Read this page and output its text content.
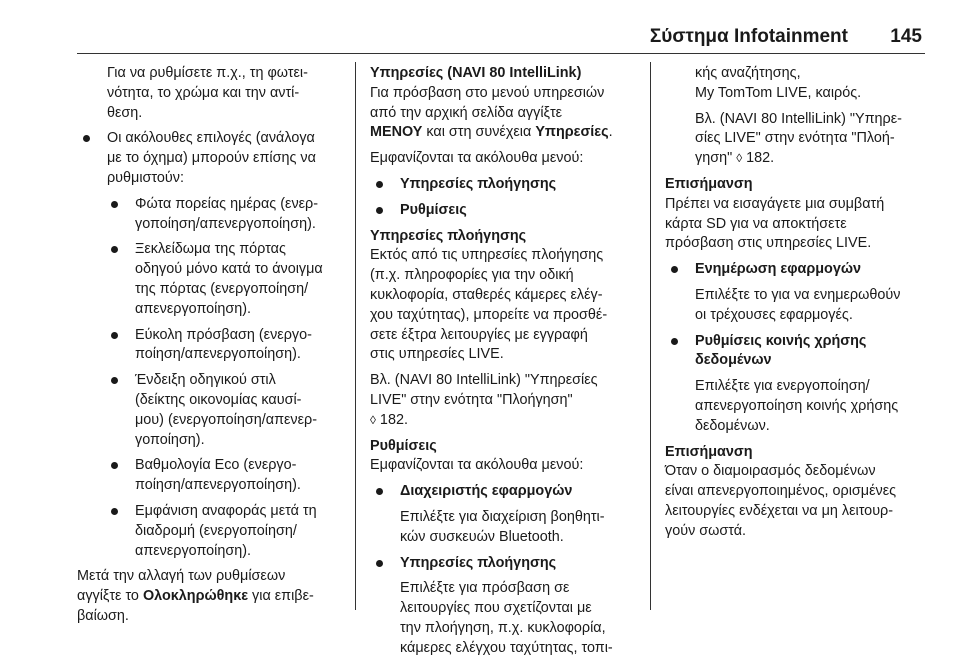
Σύστημα Infotainment 145

Για να ρυθμίσετε π.χ., τη φωτει-
νότητα, το χρώμα και την αντί-
θεση.

Οι ακόλουθες επιλογές (ανάλογα
με το όχημα) μπορούν επίσης να
ρυθμιστούν:
Φώτα πορείας ημέρας (ενερ-
γοποίηση/απενεργοποίηση).
Ξεκλείδωμα της πόρτας
οδηγού μόνο κατά το άνοιγμα
της πόρτας (ενεργοποίηση/
απενεργοποίηση).
Εύκολη πρόσβαση (ενεργο-
ποίηση/απενεργοποίηση).
Ένδειξη οδηγικού στιλ
(δείκτης οικονομίας καυσί-
μου) (ενεργοποίηση/απενερ-
γοποίηση).
Βαθμολογία Eco (ενεργο-
ποίηση/απενεργοποίηση).
Εμφάνιση αναφοράς μετά τη
διαδρομή (ενεργοποίηση/
απενεργοποίηση).

Μετά την αλλαγή των ρυθμίσεων
αγγίξτε το Ολοκληρώθηκε για επιβε-
βαίωση.

Υπηρεσίες (NAVI 80 IntelliLink)

Για πρόσβαση στο μενού υπηρεσιών
από την αρχική σελίδα αγγίξτε
ΜΕΝΟΥ και στη συνέχεια Υπηρεσίες.

Εμφανίζονται τα ακόλουθα μενού:

Υπηρεσίες πλοήγησης
Ρυθμίσεις
Υπηρεσίες πλοήγησης

Εκτός από τις υπηρεσίες πλοήγησης
(π.χ. πληροφορίες για την οδική
κυκλοφορία, σταθερές κάμερες ελέγ-
χου ταχύτητας), μπορείτε να προσθέ-
σετε έξτρα λειτουργίες με εγγραφή
στις υπηρεσίες LIVE.

Βλ. (NAVI 80 IntelliLink) "Υπηρεσίες
LIVE" στην ενότητα "Πλοήγηση"
◊ 182.

Ρυθμίσεις

Εμφανίζονται τα ακόλουθα μενού:

Διαχειριστής εφαρμογών

Επιλέξτε για διαχείριση βοηθητι-
κών συσκευών Bluetooth.

Υπηρεσίες πλοήγησης

Επιλέξτε για πρόσβαση σε
λειτουργίες που σχετίζονται με
την πλοήγηση, π.χ. κυκλοφορία,
κάμερες ελέγχου ταχύτητας, τοπι-

κής αναζήτησης,
My TomTom LIVE, καιρός.

Βλ. (NAVI 80 IntelliLink) "Υπηρε-
σίες LIVE" στην ενότητα "Πλοή-
γηση" ◊ 182.

Επισήμανση

Πρέπει να εισαγάγετε μια συμβατή
κάρτα SD για να αποκτήσετε
πρόσβαση στις υπηρεσίες LIVE.

Ενημέρωση εφαρμογών

Επιλέξτε το για να ενημερωθούν
οι τρέχουσες εφαρμογές.

Ρυθμίσεις κοινής χρήσης
δεδομένων

Επιλέξτε για ενεργοποίηση/
απενεργοποίηση κοινής χρήσης
δεδομένων.

Επισήμανση

Όταν ο διαμοιρασμός δεδομένων
είναι απενεργοποιημένος, ορισμένες
λειτουργίες ενδέχεται να μη λειτουρ-
γούν σωστά.
